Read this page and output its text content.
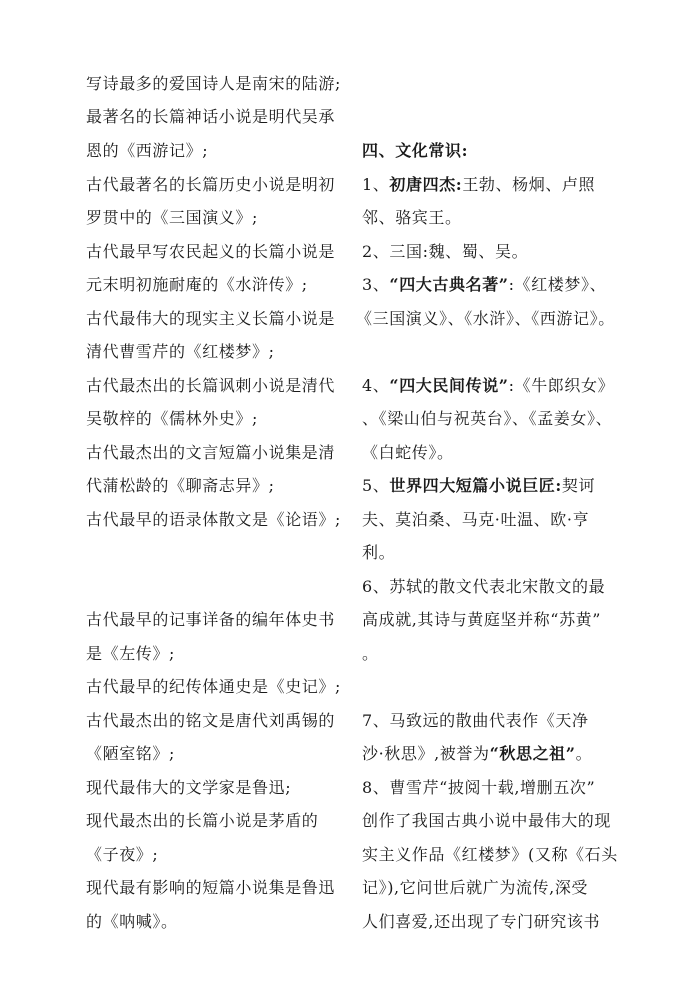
写诗最多的爱国诗人是南宋的陆游;
最著名的长篇神话小说是明代吴承
恩的《西游记》;
古代最著名的长篇历史小说是明初
罗贯中的《三国演义》;
古代最早写农民起义的长篇小说是
元末明初施耐庵的《水浒传》;
古代最伟大的现实主义长篇小说是
清代曹雪芹的《红楼梦》;
古代最杰出的长篇讽刺小说是清代
吴敬梓的《儒林外史》;
古代最杰出的文言短篇小说集是清
代蒲松龄的《聊斋志异》;
古代最早的语录体散文是《论语》;
古代最早的记事详备的编年体史书
是《左传》;
古代最早的纪传体通史是《史记》;
古代最杰出的铭文是唐代刘禹锡的
《陋室铭》;
现代最伟大的文学家是鲁迅;
现代最杰出的长篇小说是茅盾的
《子夜》;
现代最有影响的短篇小说集是鲁迅
的《呐喊》。
四、文化常识:
1、初唐四杰:王勃、杨炯、卢照
邻、骆宾王。
2、三国:魏、蜀、吴。
3、“四大古典名著”:《红楼梦》、
《三国演义》、《水浒》、《西游记》。
4、“四大民间传说”:《牛郎织女》
、《梁山伯与祝英台》、《孟姜女》、
《白蛇传》。
5、世界四大短篇小说巨匠:契诃
夫、莫泊桑、马克·吐温、欧·亨
利。
6、苏轼的散文代表北宋散文的最
高成就,其诗与黄庭坚并称“苏黄”
。
7、马致远的散曲代表作《天净
沙·秋思》,被誉为“秋思之祖”。
8、曹雪芹“披阅十载,增删五次”
创作了我国古典小说中最伟大的现
实主义作品《红楼梦》(又称《石头
记》),它问世后就广为流传,深受
人们喜爱,还出现了专门研究该书
